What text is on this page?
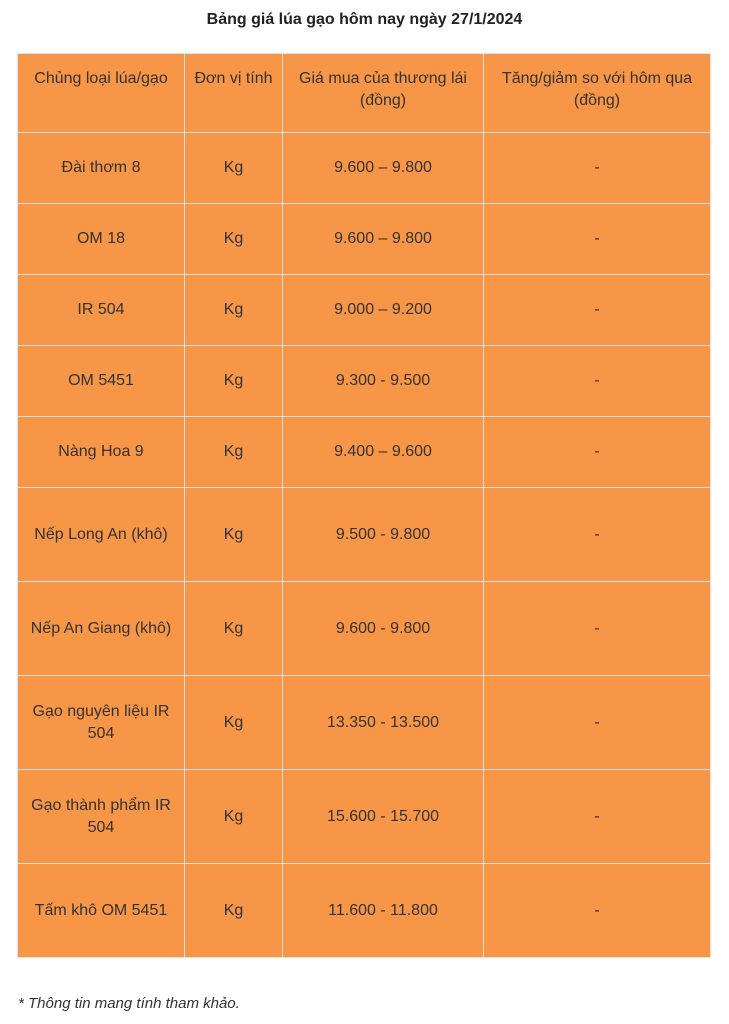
Bảng giá lúa gạo hôm nay ngày 27/1/2024
Chủng loại lúa/gạo	Đơn vị tính	Giá mua của thương lái (đồng)	Tăng/giảm so với hôm qua (đồng)
Đài thơm 8	Kg	9.600 – 9.800	-
OM 18	Kg	9.600 – 9.800	-
IR 504	Kg	9.000 – 9.200	-
OM 5451	Kg	9.300 - 9.500	-
Nàng Hoa 9	Kg	9.400 – 9.600	-
Nếp Long An (khô)	Kg	9.500 - 9.800	-
Nếp An Giang (khô)	Kg	9.600 - 9.800	-
Gạo nguyên liệu IR 504	Kg	13.350 - 13.500	-
Gạo thành phẩm IR 504	Kg	15.600 - 15.700	-
Tấm khô OM 5451	Kg	11.600 - 11.800	-
* Thông tin mang tính tham khảo.
